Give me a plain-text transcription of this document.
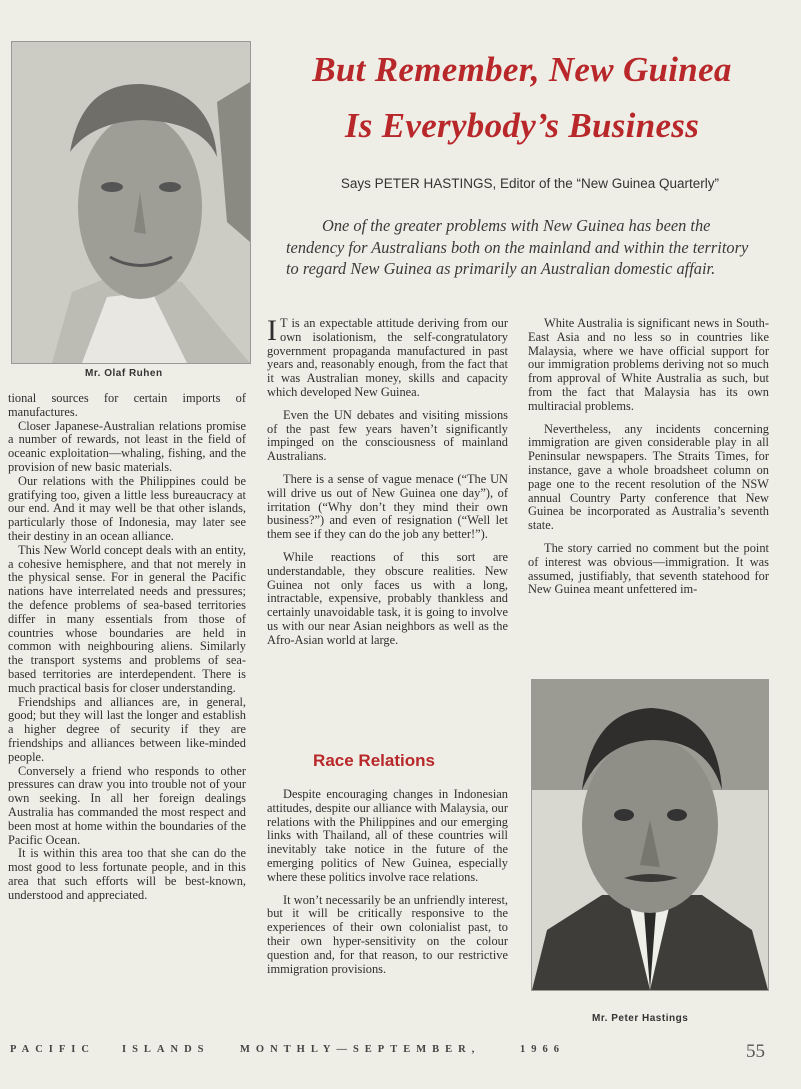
Mr. Olaf Ruhen
But Remember, New Guinea
Is Everybody’s Business
Says PETER HASTINGS, Editor of the “New Guinea Quarterly”
One of the greater problems with New Guinea has been the tendency for Australians both on the mainland and within the territory to regard New Guinea as primarily an Australian domestic affair.

tional sources for certain imports of manufactures.

Closer Japanese-Australian relations promise a number of rewards, not least in the field of oceanic exploitation—whaling, fishing, and the provision of new basic materials.

Our relations with the Philippines could be gratifying too, given a little less bureaucracy at our end. And it may well be that other islands, particularly those of Indonesia, may later see their destiny in an ocean alliance.

This New World concept deals with an entity, a cohesive hemisphere, and that not merely in the physical sense. For in general the Pacific nations have interrelated needs and pressures; the defence problems of sea-based territories differ in many essentials from those of countries whose boundaries are held in common with neighbouring aliens. Similarly the transport systems and problems of sea-based territories are interdependent. There is much practical basis for closer understanding.

Friendships and alliances are, in general, good; but they will last the longer and establish a higher degree of security if they are friendships and alliances between like-minded people.

Conversely a friend who responds to other pressures can draw you into trouble not of your own seeking. In all her foreign dealings Australia has commanded the most respect and been most at home within the boundaries of the Pacific Ocean.

It is within this area too that she can do the most good to less fortunate people, and in this area that such efforts will be best-known, understood and appreciated.

I T is an expectable attitude deriving from our own isolationism, the self-congratulatory government propaganda manufactured in past years and, reasonably enough, from the fact that it was Australian money, skills and capacity which developed New Guinea.

Even the UN debates and visiting missions of the past few years haven’t significantly impinged on the consciousness of mainland Australians.

There is a sense of vague menace (“The UN will drive us out of New Guinea one day”), of irritation (“Why don’t they mind their own business?”) and even of resignation (“Well let them see if they can do the job any better!”).

While reactions of this sort are understandable, they obscure realities. New Guinea not only faces us with a long, intractable, expensive, probably thankless and certainly unavoidable task, it is going to involve us with our near Asian neighbors as well as the Afro-Asian world at large.

Race Relations

Despite encouraging changes in Indonesian attitudes, despite our alliance with Malaysia, our relations with the Philippines and our emerging links with Thailand, all of these countries will inevitably take notice in the future of the emerging politics of New Guinea, especially where these politics involve race relations.

It won’t necessarily be an unfriendly interest, but it will be critically responsive to the experiences of their own colonialist past, to their own hyper-sensitivity on the colour question and, for that reason, to our restrictive immigration provisions.

White Australia is significant news in South-East Asia and no less so in countries like Malaysia, where we have official support for our immigration problems deriving not so much from approval of White Australia as such, but from the fact that Malaysia has its own multiracial problems.

Nevertheless, any incidents concerning immigration are given considerable play in all Peninsular newspapers. The Straits Times, for instance, gave a whole broadsheet column on page one to the recent resolution of the NSW annual Country Party conference that New Guinea be incorporated as Australia’s seventh state.

The story carried no comment but the point of interest was obvious—immigration. It was assumed, justifiably, that seventh statehood for New Guinea meant unfettered im-

Mr. Peter Hastings
PACIFIC	ISLANDS	MONTHLY—SEPTEMBER,	1966	55
